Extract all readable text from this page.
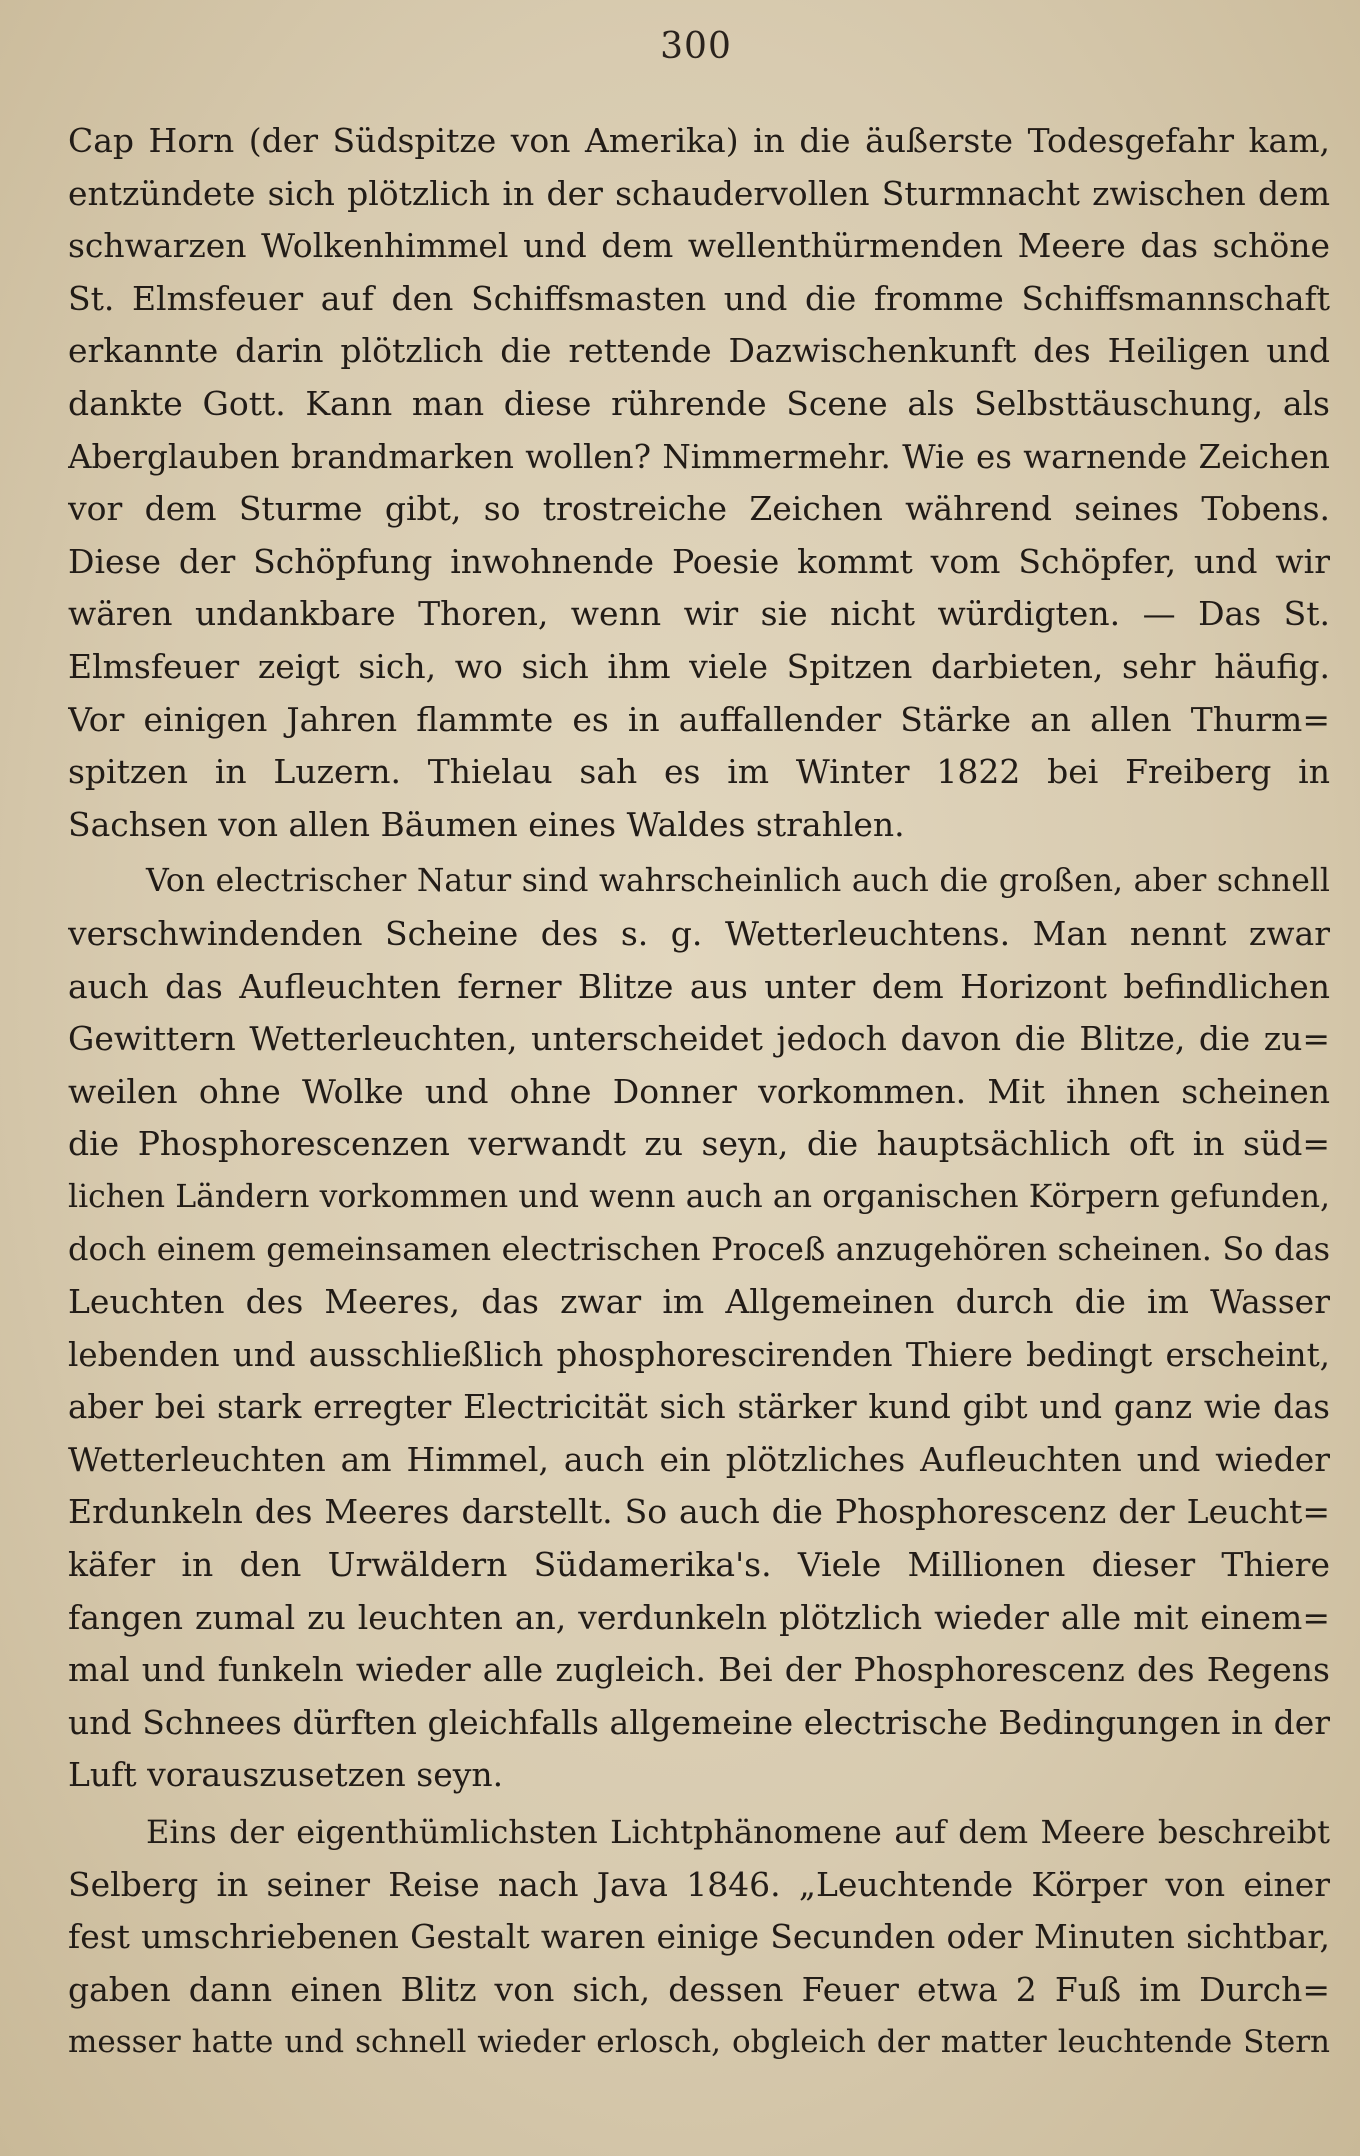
300
Cap Horn (der Südspitze von Amerika) in die äußerste Todesgefahr kam,
entzündete sich plötzlich in der schaudervollen Sturmnacht zwischen dem
schwarzen Wolkenhimmel und dem wellenthürmenden Meere das schöne
St. Elmsfeuer auf den Schiffsmasten und die fromme Schiffsmannschaft
erkannte darin plötzlich die rettende Dazwischenkunft des Heiligen und
dankte Gott. Kann man diese rührende Scene als Selbsttäuschung, als
Aberglauben brandmarken wollen? Nimmermehr. Wie es warnende Zeichen
vor dem Sturme gibt, so trostreiche Zeichen während seines Tobens.
Diese der Schöpfung inwohnende Poesie kommt vom Schöpfer, und wir
wären undankbare Thoren, wenn wir sie nicht würdigten. — Das St.
Elmsfeuer zeigt sich, wo sich ihm viele Spitzen darbieten, sehr häufig.
Vor einigen Jahren flammte es in auffallender Stärke an allen Thurm=
spitzen in Luzern. Thielau sah es im Winter 1822 bei Freiberg in
Sachsen von allen Bäumen eines Waldes strahlen.
Von electrischer Natur sind wahrscheinlich auch die großen, aber schnell
verschwindenden Scheine des s. g. Wetterleuchtens. Man nennt zwar
auch das Aufleuchten ferner Blitze aus unter dem Horizont befindlichen
Gewittern Wetterleuchten, unterscheidet jedoch davon die Blitze, die zu=
weilen ohne Wolke und ohne Donner vorkommen. Mit ihnen scheinen
die Phosphorescenzen verwandt zu seyn, die hauptsächlich oft in süd=
lichen Ländern vorkommen und wenn auch an organischen Körpern gefunden,
doch einem gemeinsamen electrischen Proceß anzugehören scheinen. So das
Leuchten des Meeres, das zwar im Allgemeinen durch die im Wasser
lebenden und ausschließlich phosphorescirenden Thiere bedingt erscheint,
aber bei stark erregter Electricität sich stärker kund gibt und ganz wie das
Wetterleuchten am Himmel, auch ein plötzliches Aufleuchten und wieder
Erdunkeln des Meeres darstellt. So auch die Phosphorescenz der Leucht=
käfer in den Urwäldern Südamerika's. Viele Millionen dieser Thiere
fangen zumal zu leuchten an, verdunkeln plötzlich wieder alle mit einem=
mal und funkeln wieder alle zugleich. Bei der Phosphorescenz des Regens
und Schnees dürften gleichfalls allgemeine electrische Bedingungen in der
Luft vorauszusetzen seyn.
Eins der eigenthümlichsten Lichtphänomene auf dem Meere beschreibt
Selberg in seiner Reise nach Java 1846. „Leuchtende Körper von einer
fest umschriebenen Gestalt waren einige Secunden oder Minuten sichtbar,
gaben dann einen Blitz von sich, dessen Feuer etwa 2 Fuß im Durch=
messer hatte und schnell wieder erlosch, obgleich der matter leuchtende Stern
